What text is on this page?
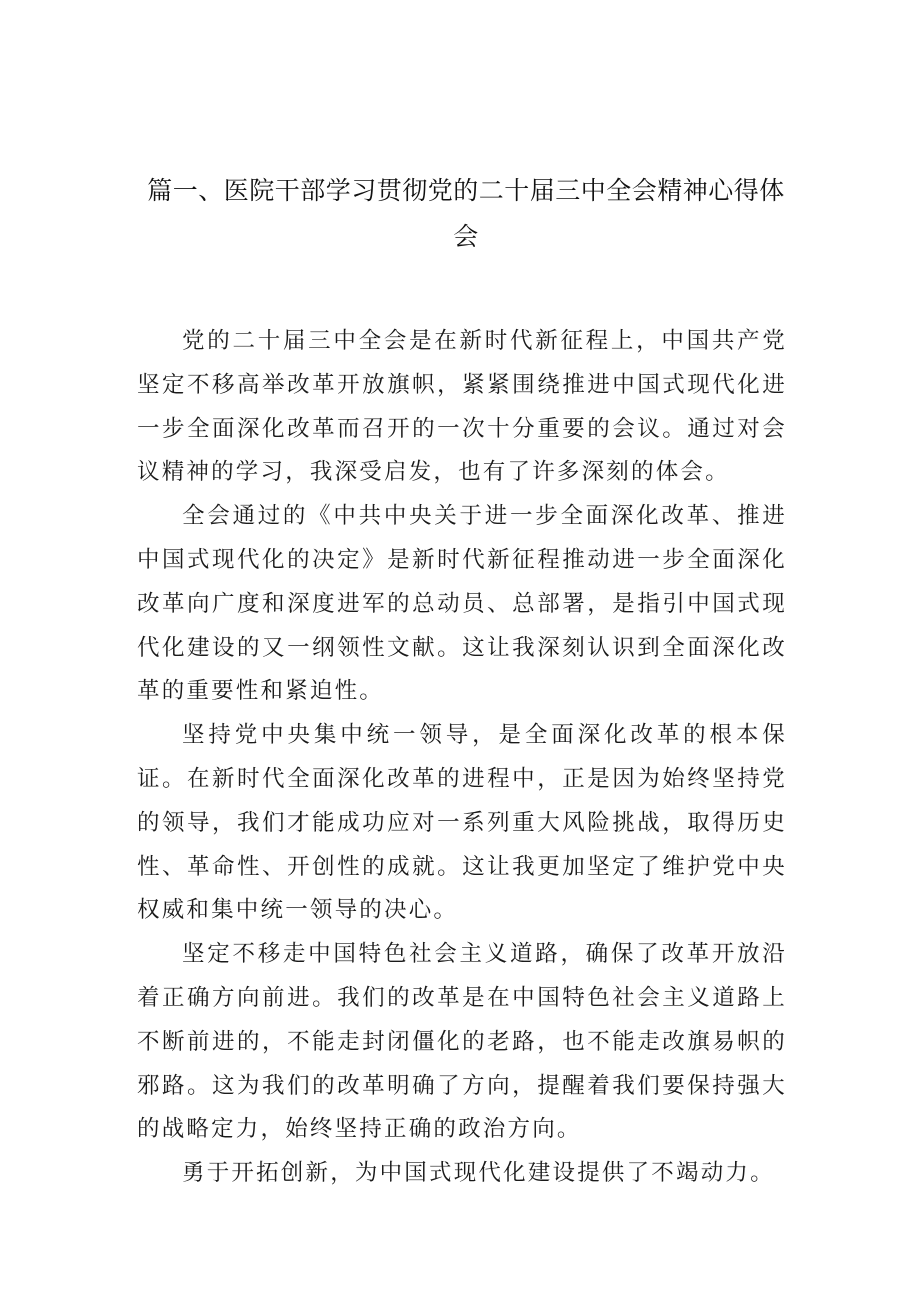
篇一、医院干部学习贯彻党的二十届三中全会精神心得体
会

党的二十届三中全会是在新时代新征程上，中国共产党坚定不移高举改革开放旗帜，紧紧围绕推进中国式现代化进一步全面深化改革而召开的一次十分重要的会议。通过对会议精神的学习，我深受启发，也有了许多深刻的体会。

全会通过的《中共中央关于进一步全面深化改革、推进中国式现代化的决定》是新时代新征程推动进一步全面深化改革向广度和深度进军的总动员、总部署，是指引中国式现代化建设的又一纲领性文献。这让我深刻认识到全面深化改革的重要性和紧迫性。

坚持党中央集中统一领导，是全面深化改革的根本保证。在新时代全面深化改革的进程中，正是因为始终坚持党的领导，我们才能成功应对一系列重大风险挑战，取得历史性、革命性、开创性的成就。这让我更加坚定了维护党中央权威和集中统一领导的决心。

坚定不移走中国特色社会主义道路，确保了改革开放沿着正确方向前进。我们的改革是在中国特色社会主义道路上不断前进的，不能走封闭僵化的老路，也不能走改旗易帜的邪路。这为我们的改革明确了方向，提醒着我们要保持强大的战略定力，始终坚持正确的政治方向。

勇于开拓创新，为中国式现代化建设提供了不竭动力。
